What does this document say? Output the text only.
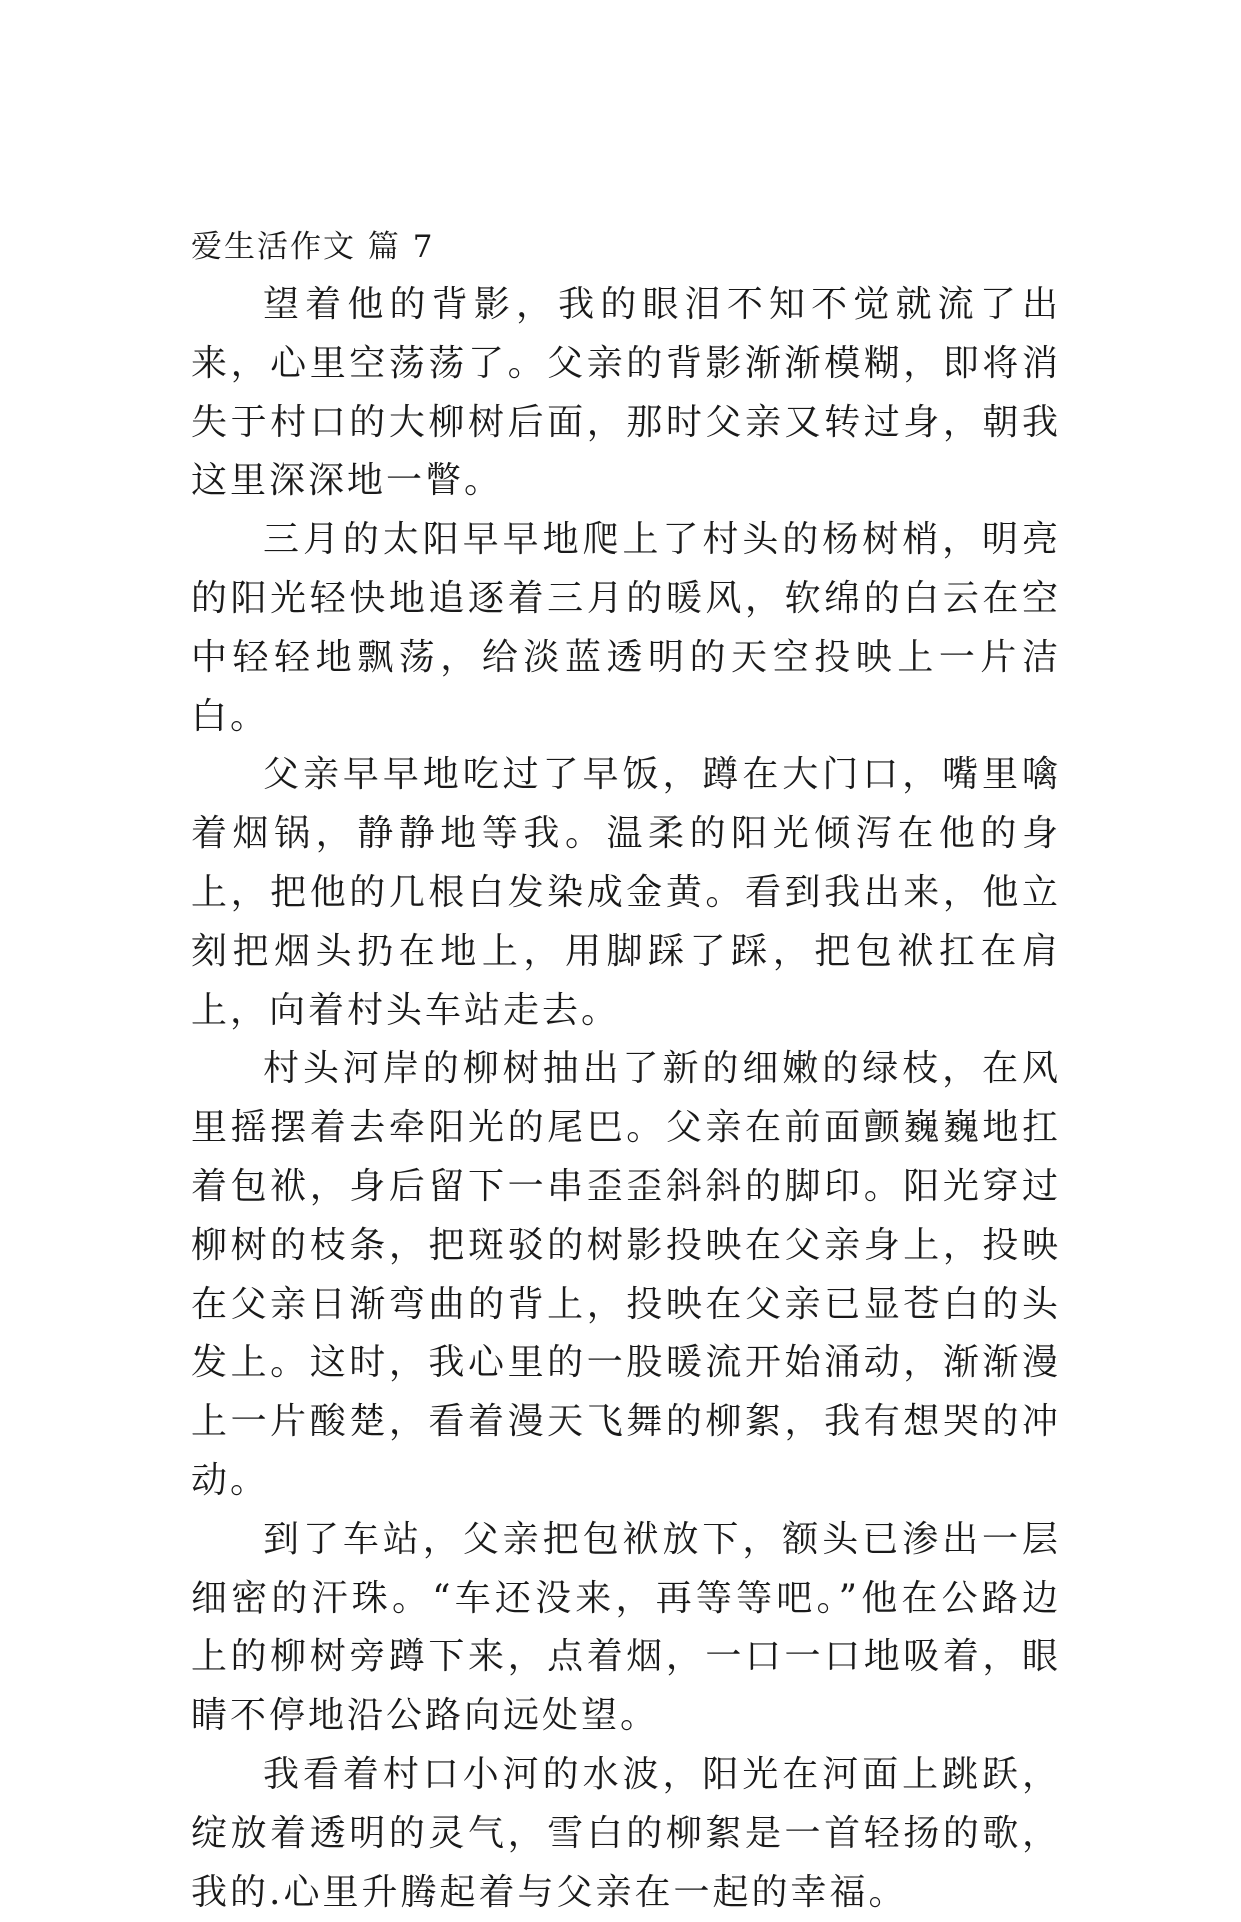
爱生活作文 篇 7

望着他的背影，我的眼泪不知不觉就流了出来，心里空荡荡了。父亲的背影渐渐模糊，即将消失于村口的大柳树后面，那时父亲又转过身，朝我这里深深地一瞥。

三月的太阳早早地爬上了村头的杨树梢，明亮的阳光轻快地追逐着三月的暖风，软绵的白云在空中轻轻地飘荡，给淡蓝透明的天空投映上一片洁白。

父亲早早地吃过了早饭，蹲在大门口，嘴里噙着烟锅，静静地等我。温柔的阳光倾泻在他的身上，把他的几根白发染成金黄。看到我出来，他立刻把烟头扔在地上，用脚踩了踩，把包袱扛在肩上，向着村头车站走去。

村头河岸的柳树抽出了新的细嫩的绿枝，在风里摇摆着去牵阳光的尾巴。父亲在前面颤巍巍地扛着包袱，身后留下一串歪歪斜斜的脚印。阳光穿过柳树的枝条，把斑驳的树影投映在父亲身上，投映在父亲日渐弯曲的背上，投映在父亲已显苍白的头发上。这时，我心里的一股暖流开始涌动，渐渐漫上一片酸楚，看着漫天飞舞的柳絮，我有想哭的冲动。

到了车站，父亲把包袱放下，额头已渗出一层细密的汗珠。“车还没来，再等等吧。”他在公路边上的柳树旁蹲下来，点着烟，一口一口地吸着，眼睛不停地沿公路向远处望。

我看着村口小河的水波，阳光在河面上跳跃，绽放着透明的灵气，雪白的柳絮是一首轻扬的歌，我的.心里升腾起着与父亲在一起的幸福。
